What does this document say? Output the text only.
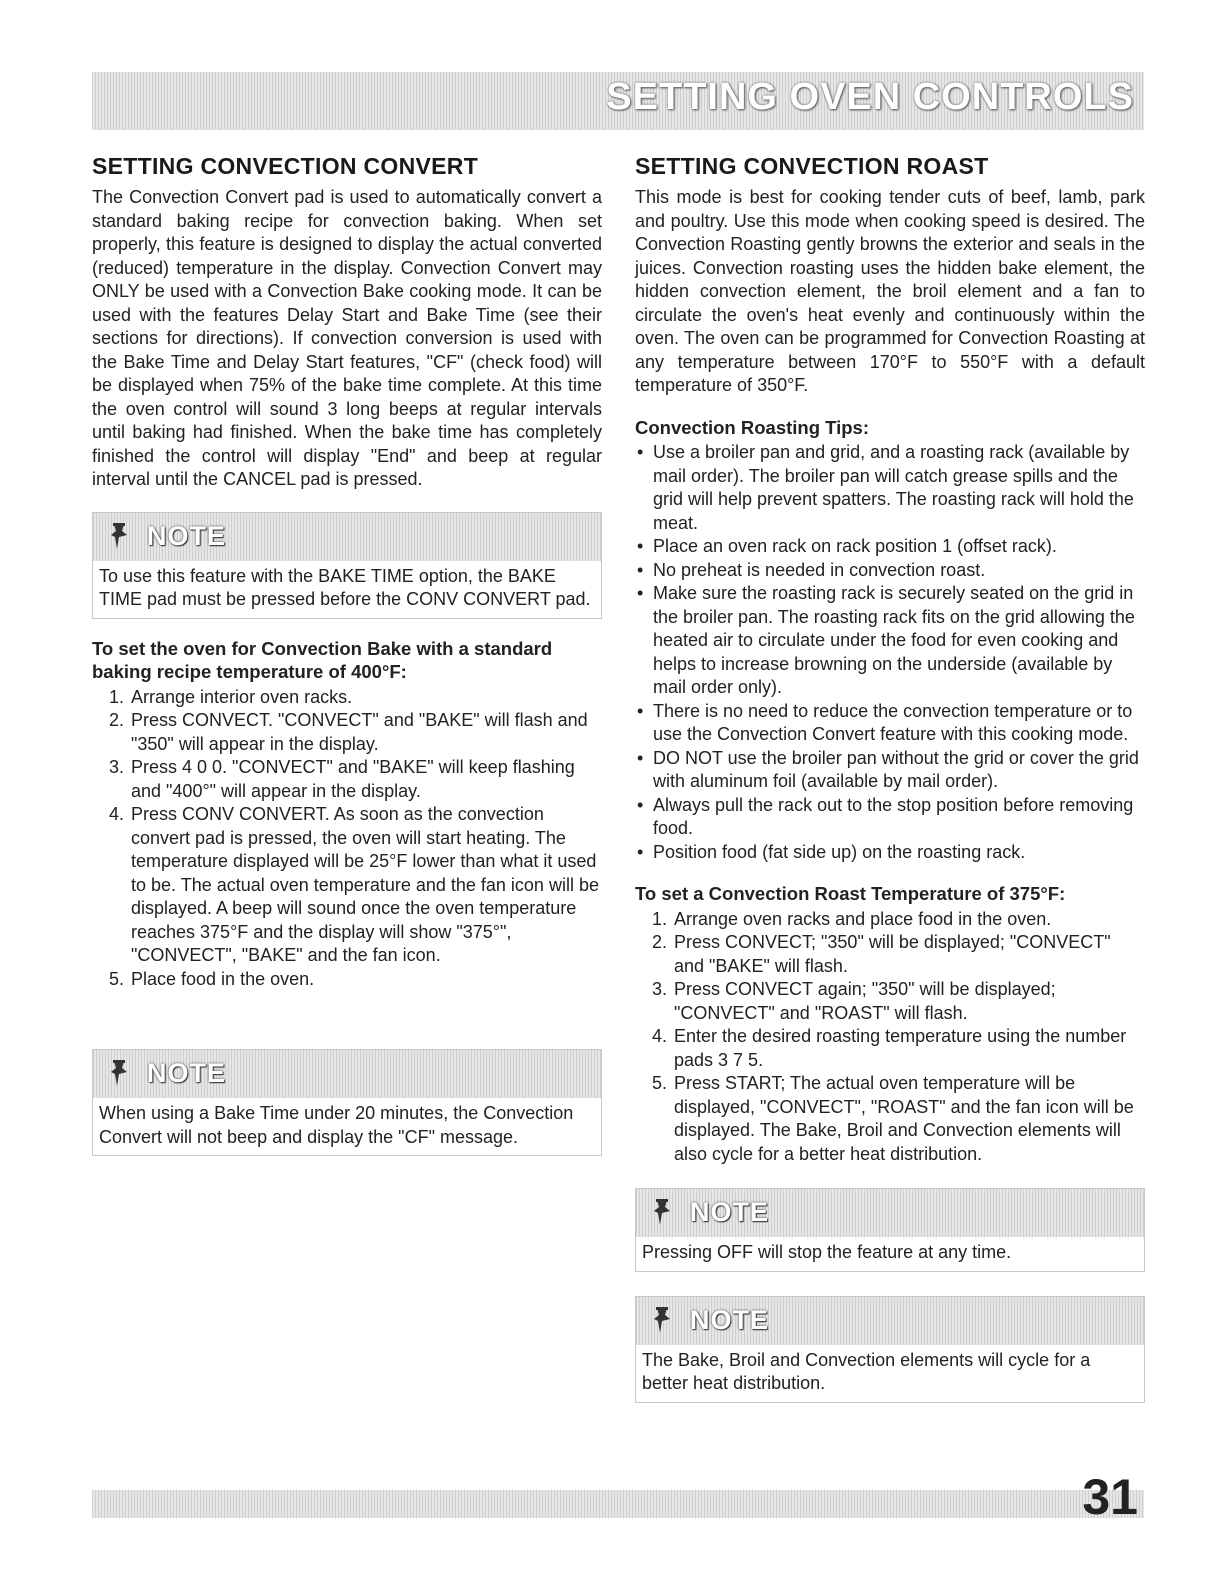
SETTING OVEN CONTROLS
SETTING CONVECTION CONVERT

The Convection Convert pad is used to automatically convert a standard baking recipe for convection baking. When set properly, this feature is designed to display the actual converted (reduced) temperature in the display. Convection Convert may ONLY be used with a Convection Bake cooking mode. It can be used with the features Delay Start and Bake Time (see their sections for directions). If convection conversion is used with the Bake Time and Delay Start features, "CF" (check food) will be displayed when 75% of the bake time complete. At this time the oven control will sound 3 long beeps at regular intervals until baking had finished. When the bake time has completely finished the control will display "End" and beep at regular interval until the CANCEL pad is pressed.

NOTE
To use this feature with the BAKE TIME option, the BAKE TIME pad must be pressed before the CONV CONVERT pad.
To set the oven for Convection Bake with a standard baking recipe temperature of 400°F:
1. Arrange interior oven racks.
2. Press CONVECT. "CONVECT" and "BAKE" will flash and "350" will appear in the display.
3. Press 4 0 0. "CONVECT" and "BAKE" will keep flashing and "400°" will appear in the display.
4. Press CONV CONVERT. As soon as the convection convert pad is pressed, the oven will start heating. The temperature displayed will be 25°F lower than what it used to be. The actual oven temperature and the fan icon will be displayed. A beep will sound once the oven temperature reaches 375°F and the display will show "375°", "CONVECT", "BAKE" and the fan icon.
5. Place food in the oven.
NOTE
When using a Bake Time under 20 minutes, the Convection Convert will not beep and display the "CF" message.
SETTING CONVECTION ROAST

This mode is best for cooking tender cuts of beef, lamb, park and poultry. Use this mode when cooking speed is desired. The Convection Roasting gently browns the exterior and seals in the juices. Convection roasting uses the hidden bake element, the hidden convection element, the broil element and a fan to circulate the oven's heat evenly and continuously within the oven. The oven can be programmed for Convection Roasting at any temperature between 170°F to 550°F with a default temperature of 350°F.

Convection Roasting Tips:
• Use a broiler pan and grid, and a roasting rack (available by mail order). The broiler pan will catch grease spills and the grid will help prevent spatters. The roasting rack will hold the meat.
• Place an oven rack on rack position 1 (offset rack).
• No preheat is needed in convection roast.
• Make sure the roasting rack is securely seated on the grid in the broiler pan. The roasting rack fits on the grid allowing the heated air to circulate under the food for even cooking and helps to increase browning on the underside (available by mail order only).
• There is no need to reduce the convection temperature or to use the Convection Convert feature with this cooking mode.
• DO NOT use the broiler pan without the grid or cover the grid with aluminum foil (available by mail order).
• Always pull the rack out to the stop position before removing food.
• Position food (fat side up) on the roasting rack.
To set a Convection Roast Temperature of 375°F:
1. Arrange oven racks and place food in the oven.
2. Press CONVECT; "350" will be displayed; "CONVECT" and "BAKE" will flash.
3. Press CONVECT again; "350" will be displayed; "CONVECT" and "ROAST" will flash.
4. Enter the desired roasting temperature using the number pads 3 7 5.
5. Press START; The actual oven temperature will be displayed, "CONVECT", "ROAST" and the fan icon will be displayed. The Bake, Broil and Convection elements will also cycle for a better heat distribution.
NOTE
Pressing OFF will stop the feature at any time.
NOTE
The Bake, Broil and Convection elements will cycle for a better heat distribution.
31
